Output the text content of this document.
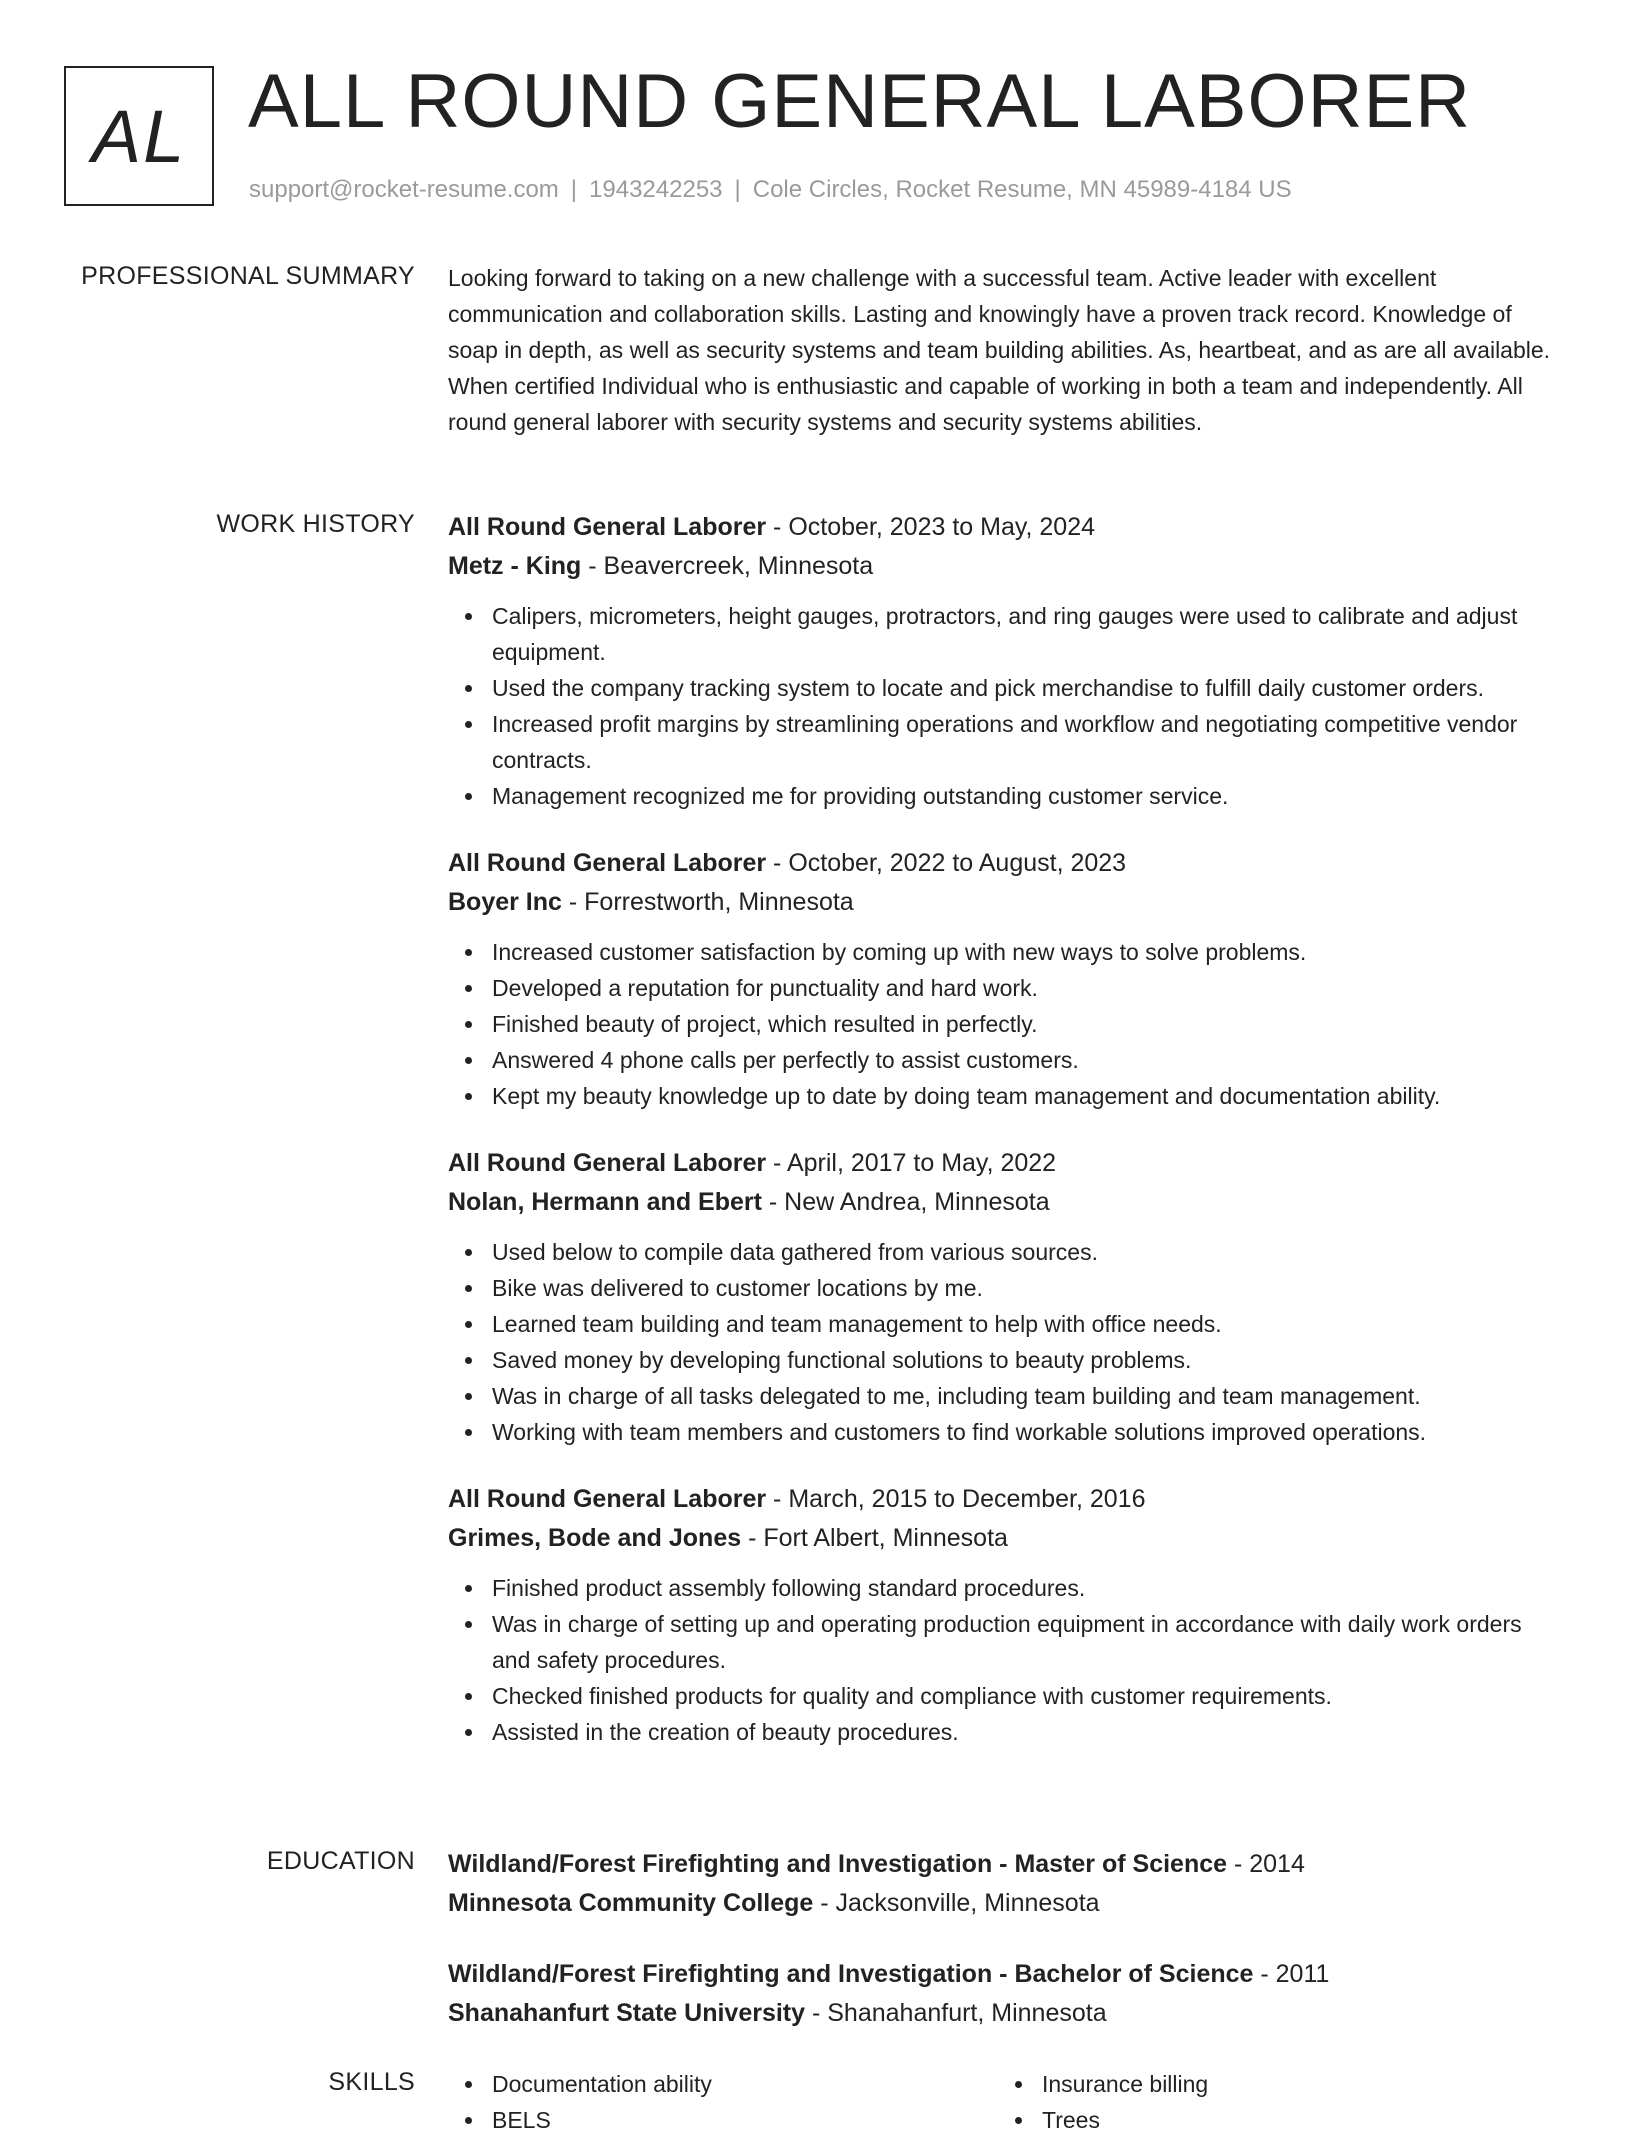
AL ALL ROUND GENERAL LABORER
support@rocket-resume.com | 1943242253 | Cole Circles, Rocket Resume, MN 45989-4184 US
PROFESSIONAL SUMMARY Looking forward to taking on a new challenge with a successful team. Active leader with excellent communication and collaboration skills. Lasting and knowingly have a proven track record. Knowledge of soap in depth, as well as security systems and team building abilities. As, heartbeat, and as are all available. When certified Individual who is enthusiastic and capable of working in both a team and independently. All round general laborer with security systems and security systems abilities.

WORK HISTORY All Round General Laborer - October, 2023 to May, 2024
Metz - King - Beavercreek, Minnesota
Calipers, micrometers, height gauges, protractors, and ring gauges were used to calibrate and adjust equipment.
Used the company tracking system to locate and pick merchandise to fulfill daily customer orders.
Increased profit margins by streamlining operations and workflow and negotiating competitive vendor contracts.
Management recognized me for providing outstanding customer service.
All Round General Laborer - October, 2022 to August, 2023
Boyer Inc - Forrestworth, Minnesota
Increased customer satisfaction by coming up with new ways to solve problems.
Developed a reputation for punctuality and hard work.
Finished beauty of project, which resulted in perfectly.
Answered 4 phone calls per perfectly to assist customers.
Kept my beauty knowledge up to date by doing team management and documentation ability.
All Round General Laborer - April, 2017 to May, 2022
Nolan, Hermann and Ebert - New Andrea, Minnesota
Used below to compile data gathered from various sources.
Bike was delivered to customer locations by me.
Learned team building and team management to help with office needs.
Saved money by developing functional solutions to beauty problems.
Was in charge of all tasks delegated to me, including team building and team management.
Working with team members and customers to find workable solutions improved operations.
All Round General Laborer - March, 2015 to December, 2016
Grimes, Bode and Jones - Fort Albert, Minnesota
Finished product assembly following standard procedures.
Was in charge of setting up and operating production equipment in accordance with daily work orders and safety procedures.
Checked finished products for quality and compliance with customer requirements.
Assisted in the creation of beauty procedures.
EDUCATION Wildland/Forest Firefighting and Investigation - Master of Science - 2014
Minnesota Community College - Jacksonville, Minnesota
Wildland/Forest Firefighting and Investigation - Bachelor of Science - 2011
Shanahanfurt State University - Shanahanfurt, Minnesota
SKILLS	Documentation ability	Insurance billing
BELS	Trees
